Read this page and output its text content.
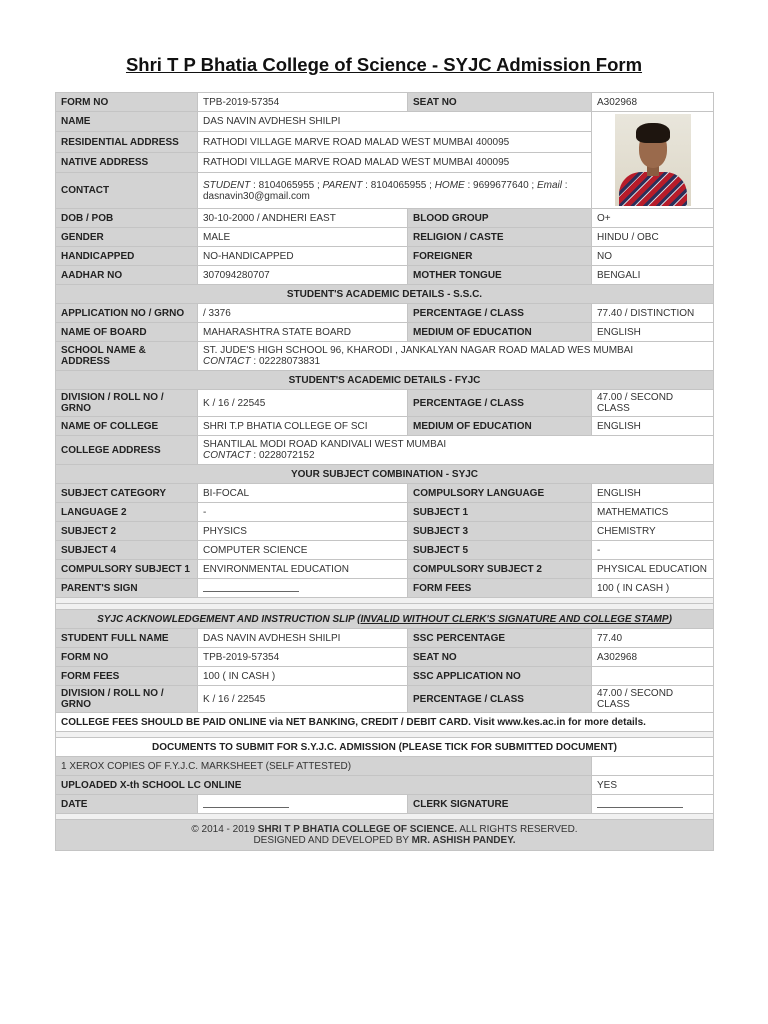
Shri T P Bhatia College of Science - SYJC Admission Form
FORM NO	TPB-2019-57354	SEAT NO	A302968
NAME	DAS NAVIN AVDHESH SHILPI		

RESIDENTIAL ADDRESS	RATHODI VILLAGE MARVE ROAD MALAD WEST MUMBAI 400095		
NATIVE ADDRESS	RATHODI VILLAGE MARVE ROAD MALAD WEST MUMBAI 400095		
CONTACT	STUDENT : 8104065955 ; PARENT : 8104065955 ; HOME : 9699677640 ; Email : dasnavin30@gmail.com		
DOB / POB	30-10-2000 / ANDHERI EAST	BLOOD GROUP	O+
GENDER	MALE	RELIGION / CASTE	HINDU / OBC
HANDICAPPED	NO-HANDICAPPED	FOREIGNER	NO
AADHAR NO	307094280707	MOTHER TONGUE	BENGALI
STUDENT'S ACADEMIC DETAILS - S.S.C.			
APPLICATION NO / GRNO	/ 3376	PERCENTAGE / CLASS	77.40 / DISTINCTION
NAME OF BOARD	MAHARASHTRA STATE BOARD	MEDIUM OF EDUCATION	ENGLISH
SCHOOL NAME & ADDRESS	ST. JUDE'S HIGH SCHOOL 96, KHARODI , JANKALYAN NAGAR ROAD MALAD WES MUMBAI
CONTACT : 02228073831		

STUDENT'S ACADEMIC DETAILS - FYJC			
DIVISION / ROLL NO / GRNO	K / 16 / 22545	PERCENTAGE / CLASS	47.00 / SECOND CLASS
NAME OF COLLEGE	SHRI T.P BHATIA COLLEGE OF SCI	MEDIUM OF EDUCATION	ENGLISH
COLLEGE ADDRESS	SHANTILAL MODI ROAD KANDIVALI WEST MUMBAI
CONTACT : 0228072152		

YOUR SUBJECT COMBINATION - SYJC			
SUBJECT CATEGORY	BI-FOCAL	COMPULSORY LANGUAGE	ENGLISH
LANGUAGE 2	-	SUBJECT 1	MATHEMATICS
SUBJECT 2	PHYSICS	SUBJECT 3	CHEMISTRY
SUBJECT 4	COMPUTER SCIENCE	SUBJECT 5	-
COMPULSORY SUBJECT 1	ENVIRONMENTAL EDUCATION	COMPULSORY SUBJECT 2	PHYSICAL EDUCATION
PARENT'S SIGN		FORM FEES	100 ( IN CASH )

SYJC ACKNOWLEDGEMENT AND INSTRUCTION SLIP (INVALID WITHOUT CLERK'S SIGNATURE AND COLLEGE STAMP)			
STUDENT FULL NAME	DAS NAVIN AVDHESH SHILPI	SSC PERCENTAGE	77.40
FORM NO	TPB-2019-57354	SEAT NO	A302968
FORM FEES	100 ( IN CASH )	SSC APPLICATION NO	
DIVISION / ROLL NO / GRNO	K / 16 / 22545	PERCENTAGE / CLASS	47.00 / SECOND CLASS
COLLEGE FEES SHOULD BE PAID ONLINE via NET BANKING, CREDIT / DEBIT CARD. Visit www.kes.ac.in for more details.			

DOCUMENTS TO SUBMIT FOR S.Y.J.C. ADMISSION (PLEASE TICK FOR SUBMITTED DOCUMENT)			
1 XEROX COPIES OF F.Y.J.C. MARKSHEET (SELF ATTESTED)			
UPLOADED X-th SCHOOL LC ONLINE			YES
DATE		CLERK SIGNATURE	

© 2014 - 2019 SHRI T P BHATIA COLLEGE OF SCIENCE. ALL RIGHTS RESERVED.
DESIGNED AND DEVELOPED BY MR. ASHISH PANDEY.			
